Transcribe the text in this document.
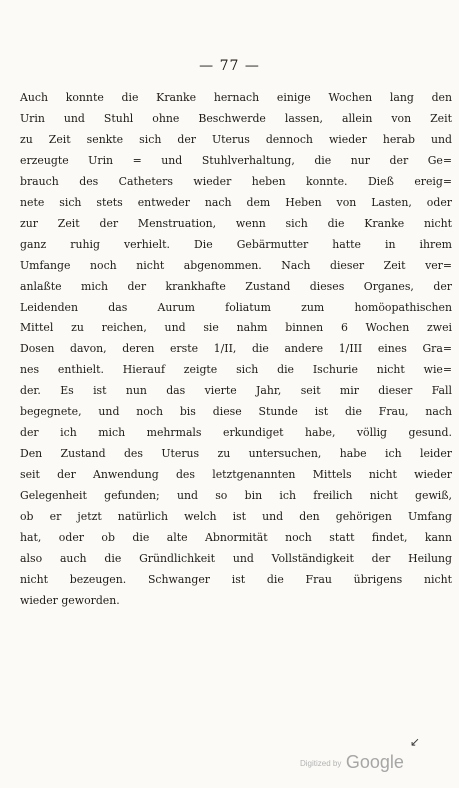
— 77 —
Auch konnte die Kranke hernach einige Wochen lang den
Urin und Stuhl ohne Beschwerde lassen, allein von Zeit
zu Zeit senkte sich der Uterus dennoch wieder herab und
erzeugte Urin = und Stuhlverhaltung, die nur der Ge=
brauch des Catheters wieder heben konnte. Dieß ereig=
nete sich stets entweder nach dem Heben von Lasten, oder
zur Zeit der Menstruation, wenn sich die Kranke nicht
ganz ruhig verhielt. Die Gebärmutter hatte in ihrem
Umfange noch nicht abgenommen. Nach dieser Zeit ver=
anlaßte mich der krankhafte Zustand dieses Organes, der
Leidenden das Aurum foliatum zum homöopathischen
Mittel zu reichen, und sie nahm binnen 6 Wochen zwei
Dosen davon, deren erste 1/II, die andere 1/III eines Gra=
nes enthielt. Hierauf zeigte sich die Ischurie nicht wie=
der. Es ist nun das vierte Jahr, seit mir dieser Fall
begegnete, und noch bis diese Stunde ist die Frau, nach
der ich mich mehrmals erkundiget habe, völlig gesund.
Den Zustand des Uterus zu untersuchen, habe ich leider
seit der Anwendung des letztgenannten Mittels nicht wieder
Gelegenheit gefunden; und so bin ich freilich nicht gewiß,
ob er jetzt natürlich welch ist und den gehörigen Umfang
hat, oder ob die alte Abnormität noch statt findet, kann
also auch die Gründlichkeit und Vollständigkeit der Heilung
nicht bezeugen. Schwanger ist die Frau übrigens nicht
wieder geworden.
↙
Digitized by Google
